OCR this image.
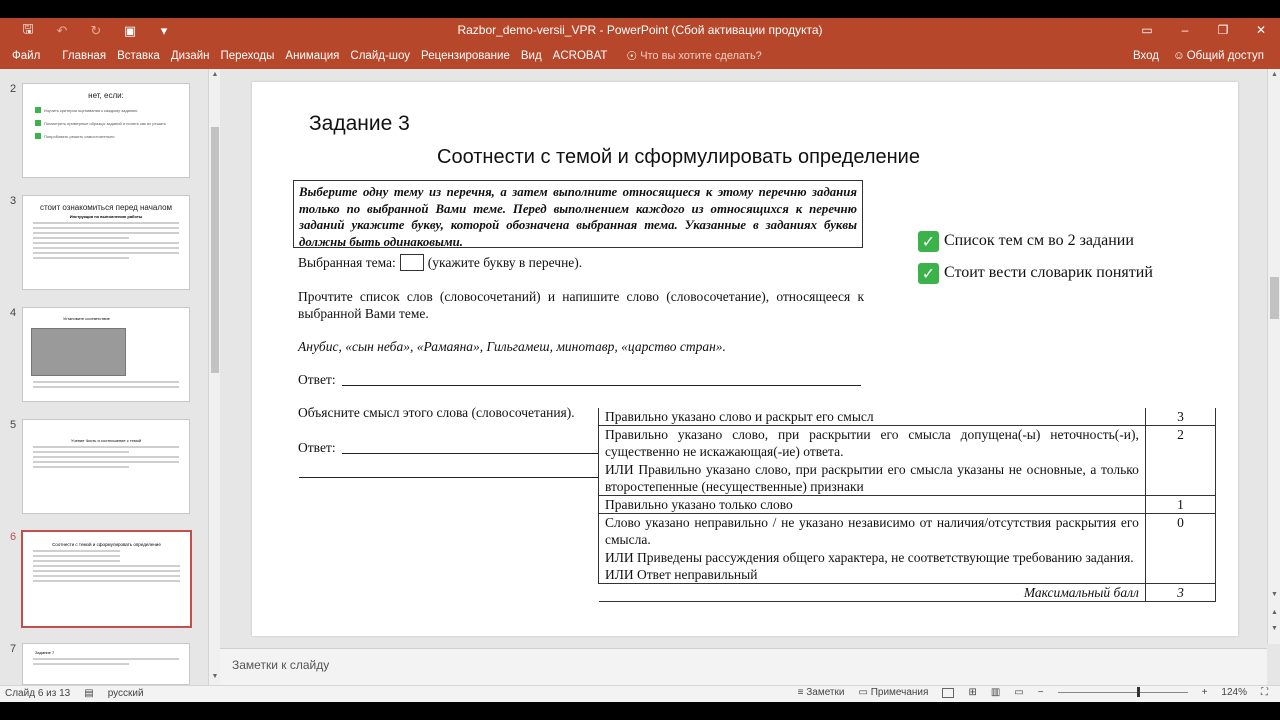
🖫 ↶ ↻ ▣	▾	Razbor_demo-versii_VPR - PowerPoint (Сбой активации продукта)	▭	–	❐	✕
Файл	Главная Вставка Дизайн Переходы Анимация Слайд-шоу Рецензирование Вид ACROBAT	☉ Что вы хотите сделать?	Вход ☺ Общий доступ
2
нет, если:
Изучить критерии оценивания к каждому заданию
Посмотреть примерные образцы заданий и понять как их решать
Попробовать решить самостоятельно
3
стоит ознакомиться перед началом
Инструкция по выполнению работы
4	Установите соответствие
5
Учение Чисть и соотношение с темой
6
Соотнести с темой и сформулировать определение
7	Задание 7
▲
▼
Задание 3
Соотнести с темой и сформулировать определение
Выберите одну тему из перечня, а затем выполните относящиеся к этому перечню задания только по выбранной Вами теме. Перед выполнением каждого из относящихся к перечню заданий укажите букву, которой обозначена выбранная тема. Указанные в заданиях буквы должны быть одинаковыми.
Выбранная тема: (укажите букву в перечне).
Прочтите список слов (словосочетаний) и напишите слово (словосочетание), относящееся к выбранной Вами теме.
Анубис, «сын неба», «Рамаяна», Гильгамеш, минотавр, «царство стран».
Ответ:
Объясните смысл этого слова (словосочетания).
Ответ:
✓ Список тем см во 2 задании
✓ Стоит вести словарик понятий
Правильно указано слово и раскрыт его смысл	3

Правильно указано слово, при раскрытии его смысла допущена(-ы) неточность(-и), существенно не искажающая(-ие) ответа.
ИЛИ Правильно указано слово, при раскрытии его смысла указаны не основные, а только второстепенные (несущественные) признаки	2
Правильно указано только слово	1

Слово указано неправильно / не указано независимо от наличия/отсутствия раскрытия его смысла.
ИЛИ Приведены рассуждения общего характера, не соответствующие требованию задания.
ИЛИ Ответ неправильный	0
Максимальный балл	3
▲
▼
▲
▼
Заметки к слайду
Слайд 6 из 13 ▤ русский	≡ Заметки ▭ Примечания	⊞ ▥ ▭ −	+ 124% ⛶
